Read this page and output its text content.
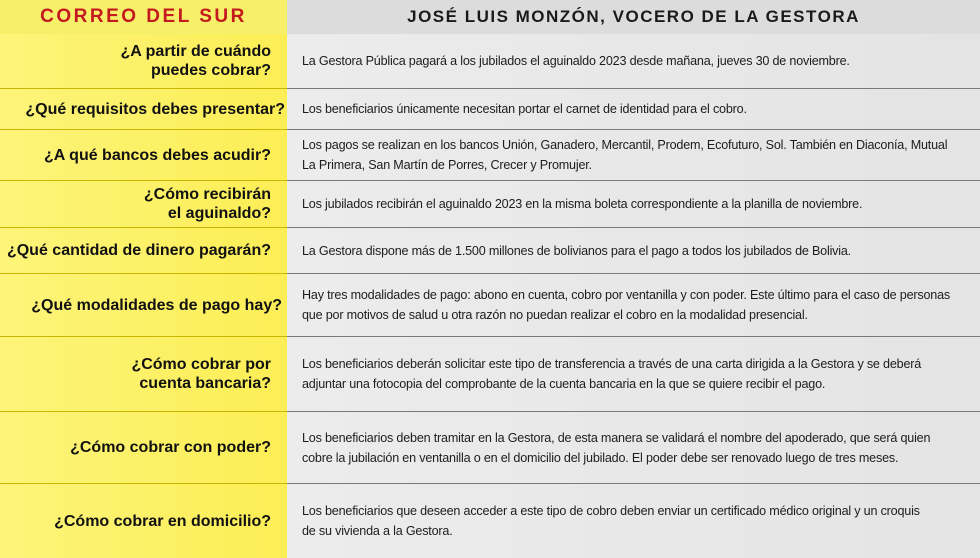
CORREO DEL SUR	JOSÉ LUIS MONZÓN, VOCERO DE LA GESTORA
¿A partir de cuándo puedes cobrar?
La Gestora Pública pagará a los jubilados el aguinaldo 2023 desde mañana, jueves 30 de noviembre.
¿Qué requisitos debes presentar? Los beneficiarios únicamente necesitan portar el carnet de identidad para el cobro.
¿A qué bancos debes acudir?
Los pagos se realizan en los bancos Unión, Ganadero, Mercantil, Prodem, Ecofuturo, Sol. También en Diaconía, Mutual La Primera, San Martín de Porres, Crecer y Promujer.
¿Cómo recibirán el aguinaldo?
Los jubilados recibirán el aguinaldo 2023 en la misma boleta correspondiente a la planilla de noviembre.
¿Qué cantidad de dinero pagarán? La Gestora dispone más de 1.500 millones de bolivianos para el pago a todos los jubilados de Bolivia.
¿Qué modalidades de pago hay?
Hay tres modalidades de pago: abono en cuenta, cobro por ventanilla y con poder. Este último para el caso de personas que por motivos de salud u otra razón no puedan realizar el cobro en la modalidad presencial.
¿Cómo cobrar por cuenta bancaria?
Los beneficiarios deberán solicitar este tipo de transferencia a través de una carta dirigida a la Gestora y se deberá adjuntar una fotocopia del comprobante de la cuenta bancaria en la que se quiere recibir el pago.
¿Cómo cobrar con poder?
Los beneficiarios deben tramitar en la Gestora, de esta manera se validará el nombre del apoderado, que será quien cobre la jubilación en ventanilla o en el domicilio del jubilado. El poder debe ser renovado luego de tres meses.
¿Cómo cobrar en domicilio?
Los beneficiarios que deseen acceder a este tipo de cobro deben enviar un certificado médico original y un croquis de su vivienda a la Gestora.
